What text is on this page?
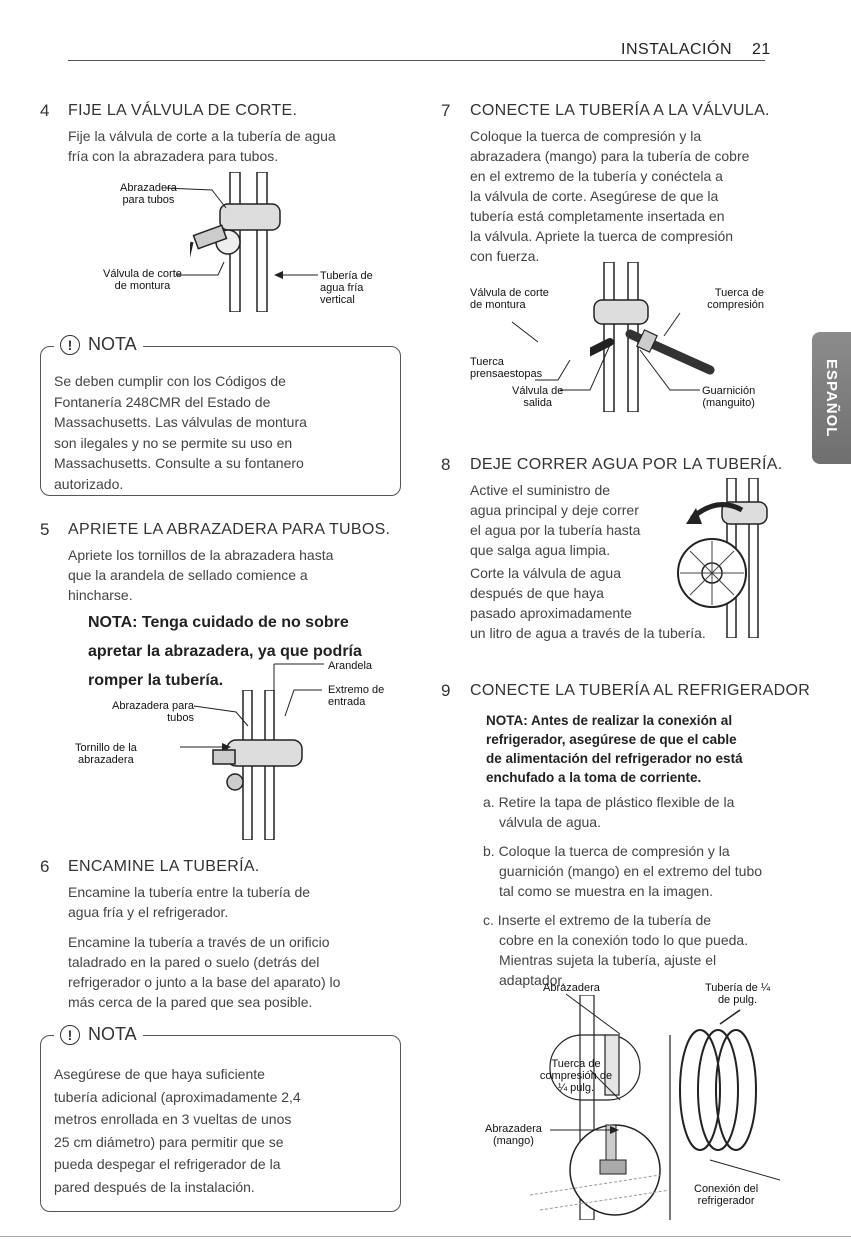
INSTALACIÓN 21
ESPAÑOL
4 FIJE LA VÁLVULA DE CORTE.
Fije la válvula de corte a la tubería de agua
fría con la abrazadera para tubos.
Abrazadera
para tubos
Válvula de corte
de montura
Tubería de
agua fría
vertical
! NOTA
Se deben cumplir con los Códigos de
Fontanería 248CMR del Estado de
Massachusetts. Las válvulas de montura
son ilegales y no se permite su uso en
Massachusetts. Consulte a su fontanero
autorizado.
5 APRIETE LA ABRAZADERA PARA TUBOS.
Apriete los tornillos de la abrazadera hasta
que la arandela de sellado comience a
hincharse.
NOTA: Tenga cuidado de no sobre
apretar la abrazadera, ya que podría
romper la tubería.
Abrazadera para
tubos
Tornillo de la
abrazadera
Arandela
Extremo de
entrada
6 ENCAMINE LA TUBERÍA.
Encamine la tubería entre la tubería de
agua fría y el refrigerador.
Encamine la tubería a través de un orificio
taladrado en la pared o suelo (detrás del
refrigerador o junto a la base del aparato) lo
más cerca de la pared que sea posible.
! NOTA
Asegúrese de que haya suficiente
tubería adicional (aproximadamente 2,4
metros enrollada en 3 vueltas de unos
25 cm diámetro) para permitir que se
pueda despegar el refrigerador de la
pared después de la instalación.
7 CONECTE LA TUBERÍA A LA VÁLVULA.
Coloque la tuerca de compresión y la
abrazadera (mango) para la tubería de cobre
en el extremo de la tubería y conéctela a
la válvula de corte. Asegúrese de que la
tubería está completamente insertada en
la válvula. Apriete la tuerca de compresión
con fuerza.
Válvula de corte
de montura
Tuerca de
compresión
Tuerca
prensaestopas
Válvula de
salida
Guarnición
(manguito)
8 DEJE CORRER AGUA POR LA TUBERÍA.
Active el suministro de
agua principal y deje correr
el agua por la tubería hasta
que salga agua limpia.
Corte la válvula de agua
después de que haya
pasado aproximadamente
un litro de agua a través de la tubería.
9 CONECTE LA TUBERÍA AL REFRIGERADOR
NOTA: Antes de realizar la conexión al
refrigerador, asegúrese de que el cable
de alimentación del refrigerador no está
enchufado a la toma de corriente.
a. Retire la tapa de plástico flexible de la
válvula de agua.
b. Coloque la tuerca de compresión y la
guarnición (mango) en el extremo del tubo
tal como se muestra en la imagen.
c. Inserte el extremo de la tubería de
cobre en la conexión todo lo que pueda.
Mientras sujeta la tubería, ajuste el
adaptador.
Abrazadera
Tuerca de
compresión de
¼ pulg.
Abrazadera
(mango)
Tubería de ¼
de pulg.
Conexión del
refrigerador
